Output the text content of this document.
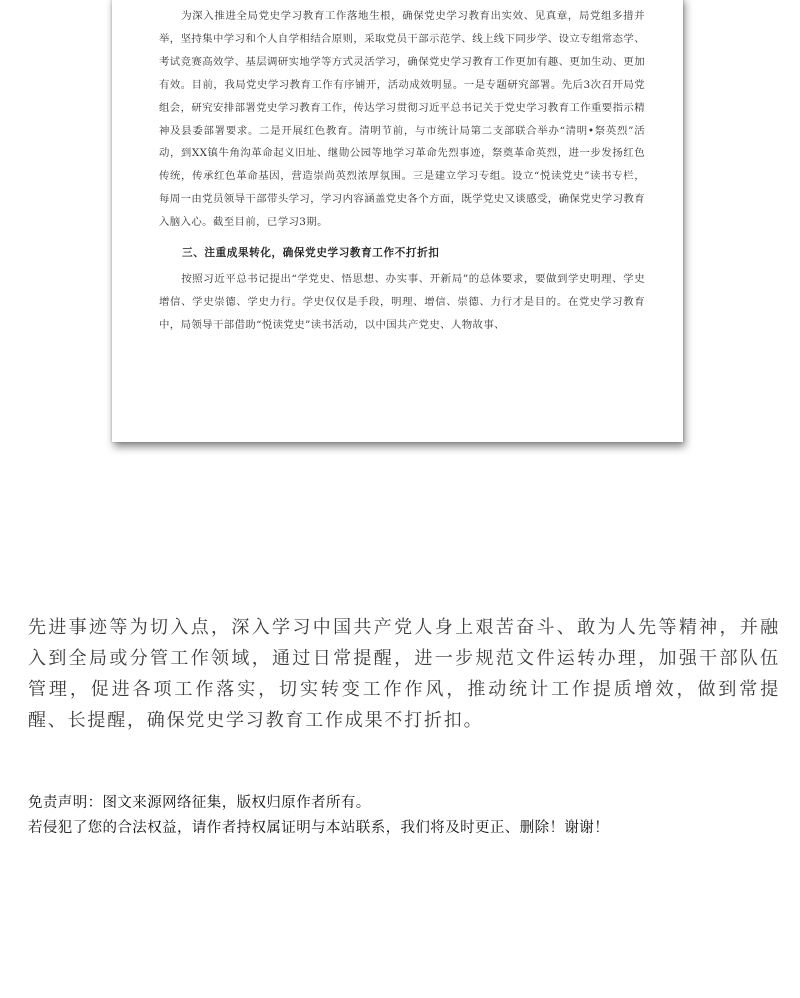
为深入推进全局党史学习教育工作落地生根，确保党史学习教育出实效、见真章，局党组多措并举，坚持集中学习和个人自学相结合原则，采取党员干部示范学、线上线下同步学、设立专组常态学、考试竞赛高效学、基层调研实地学等方式灵活学习，确保党史学习教育工作更加有趣、更加生动、更加有效。目前，我局党史学习教育工作有序铺开，活动成效明显。一是专题研究部署。先后3次召开局党组会，研究安排部署党史学习教育工作，传达学习贯彻习近平总书记关于党史学习教育工作重要指示精神及县委部署要求。二是开展红色教育。清明节前，与市统计局第二支部联合举办“清明•祭英烈”活动，到XX镇牛角沟革命起义旧址、继勋公园等地学习革命先烈事迹，祭奠革命英烈，进一步发扬红色传统，传承红色革命基因，营造崇尚英烈浓厚氛围。三是建立学习专组。设立“悦读党史”读书专栏，每周一由党员领导干部带头学习，学习内容涵盖党史各个方面，既学党史又谈感受，确保党史学习教育入脑入心。截至目前，已学习3期。

三、注重成果转化，确保党史学习教育工作不打折扣

按照习近平总书记提出“学党史、悟思想、办实事、开新局”的总体要求，要做到学史明理、学史增信、学史崇德、学史力行。学史仅仅是手段，明理、增信、崇德、力行才是目的。在党史学习教育中，局领导干部借助“悦读党史”读书活动，以中国共产党史、人物故事、

先进事迹等为切入点，深入学习中国共产党人身上艰苦奋斗、敢为人先等精神，并融入到全局或分管工作领域，通过日常提醒，进一步规范文件运转办理，加强干部队伍管理，促进各项工作落实，切实转变工作作风，推动统计工作提质增效，做到常提醒、长提醒，确保党史学习教育工作成果不打折扣。

免责声明：图文来源网络征集，版权归原作者所有。
若侵犯了您的合法权益，请作者持权属证明与本站联系，我们将及时更正、删除！谢谢！
